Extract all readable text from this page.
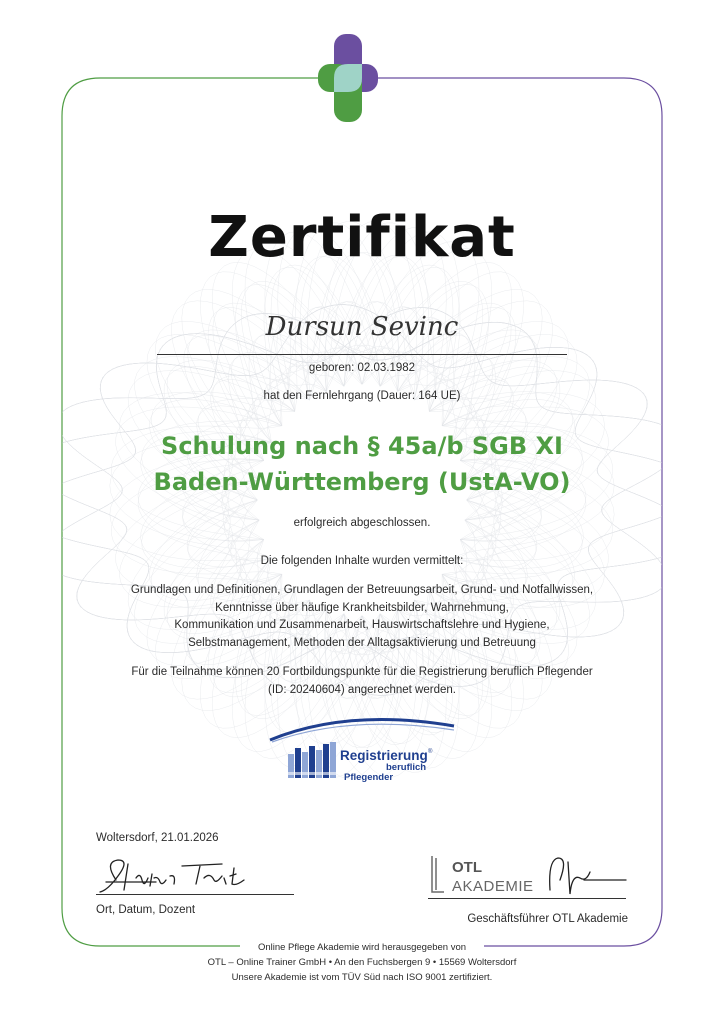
Zertifikat
Dursun Sevinc
geboren: 02.03.1982
hat den Fernlehrgang (Dauer: 164 UE)
Schulung nach § 45a/b SGB XI
Baden-Württemberg (UstA-VO)
erfolgreich abgeschlossen.
Die folgenden Inhalte wurden vermittelt:
Grundlagen und Definitionen, Grundlagen der Betreuungsarbeit, Grund- und Notfallwissen,
Kenntnisse über häufige Krankheitsbilder, Wahrnehmung,
Kommunikation und Zusammenarbeit, Hauswirtschaftslehre und Hygiene,
Selbstmanagement, Methoden der Alltagsaktivierung und Betreuung
Für die Teilnahme können 20 Fortbildungspunkte für die Registrierung beruflich Pflegender
(ID: 20240604) angerechnet werden.
Registrierung ®
beruflich
Pflegender
Woltersdorf, 21.01.2026
Ort, Datum, Dozent
OTL
AKADEMIE
Geschäftsführer OTL Akademie
Online Pflege Akademie wird herausgegeben von
OTL – Online Trainer GmbH • An den Fuchsbergen 9 • 15569 Woltersdorf
Unsere Akademie ist vom TÜV Süd nach ISO 9001 zertifiziert.
